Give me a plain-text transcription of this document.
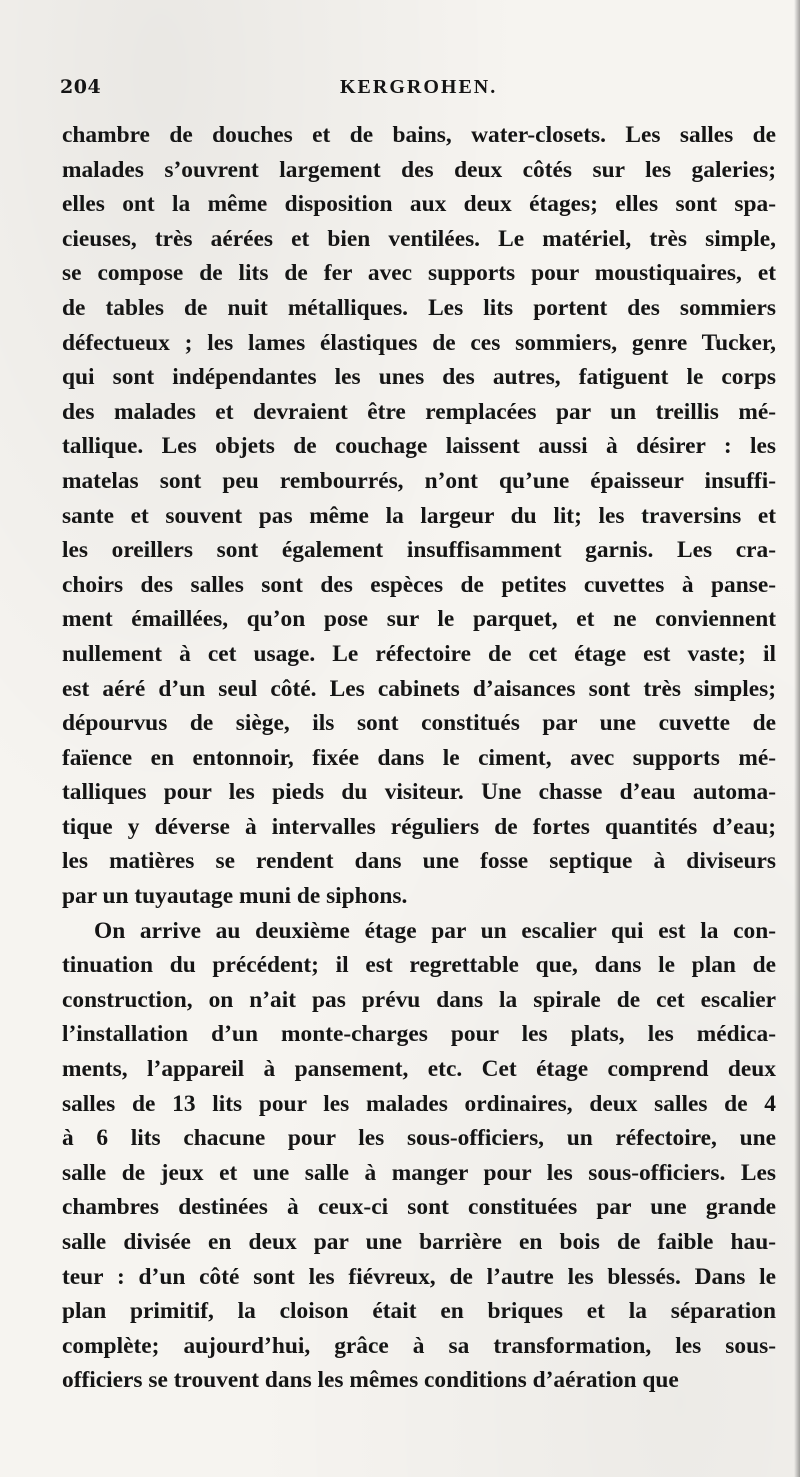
204	KERGROHEN.
chambre de douches et de bains, water-closets. Les salles de
malades s’ouvrent largement des deux côtés sur les galeries;
elles ont la même disposition aux deux étages; elles sont spa-
cieuses, très aérées et bien ventilées. Le matériel, très simple,
se compose de lits de fer avec supports pour moustiquaires, et
de tables de nuit métalliques. Les lits portent des sommiers
défectueux ; les lames élastiques de ces sommiers, genre Tucker,
qui sont indépendantes les unes des autres, fatiguent le corps
des malades et devraient être remplacées par un treillis mé-
tallique. Les objets de couchage laissent aussi à désirer : les
matelas sont peu rembourrés, n’ont qu’une épaisseur insuffi-
sante et souvent pas même la largeur du lit; les traversins et
les oreillers sont également insuffisamment garnis. Les cra-
choirs des salles sont des espèces de petites cuvettes à panse-
ment émaillées, qu’on pose sur le parquet, et ne conviennent
nullement à cet usage. Le réfectoire de cet étage est vaste; il
est aéré d’un seul côté. Les cabinets d’aisances sont très simples;
dépourvus de siège, ils sont constitués par une cuvette de
faïence en entonnoir, fixée dans le ciment, avec supports mé-
talliques pour les pieds du visiteur. Une chasse d’eau automa-
tique y déverse à intervalles réguliers de fortes quantités d’eau;
les matières se rendent dans une fosse septique à diviseurs
par un tuyautage muni de siphons.
On arrive au deuxième étage par un escalier qui est la con-
tinuation du précédent; il est regrettable que, dans le plan de
construction, on n’ait pas prévu dans la spirale de cet escalier
l’installation d’un monte-charges pour les plats, les médica-
ments, l’appareil à pansement, etc. Cet étage comprend deux
salles de 13 lits pour les malades ordinaires, deux salles de 4
à 6 lits chacune pour les sous-officiers, un réfectoire, une
salle de jeux et une salle à manger pour les sous-officiers. Les
chambres destinées à ceux-ci sont constituées par une grande
salle divisée en deux par une barrière en bois de faible hau-
teur : d’un côté sont les fiévreux, de l’autre les blessés. Dans le
plan primitif, la cloison était en briques et la séparation
complète; aujourd’hui, grâce à sa transformation, les sous-
officiers se trouvent dans les mêmes conditions d’aération que
